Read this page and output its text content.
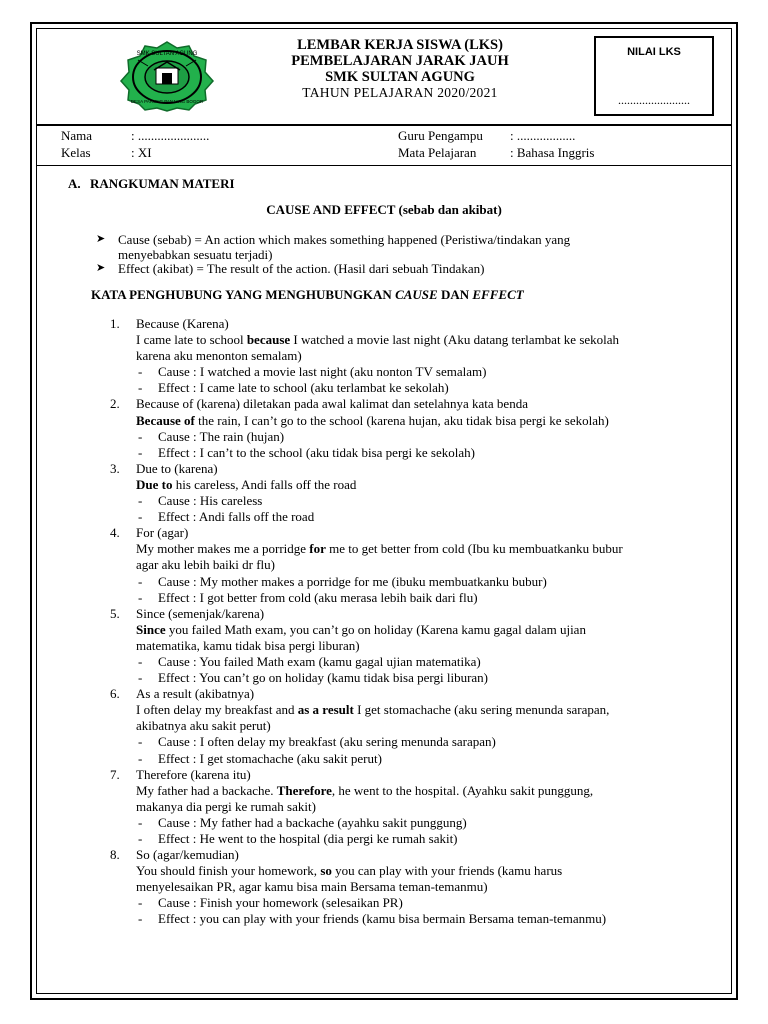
SMK SULTAN AGUNG
DESA PARUNG PANJANG BOGOR
LEMBAR KERJA SISWA (LKS)
PEMBELAJARAN JARAK JAUH
SMK SULTAN AGUNG
TAHUN PELAJARAN 2020/2021
NILAI LKS
........................
Nama	: ......................
Kelas	: XI
Guru Pengampu : ..................
Mata Pelajaran	: Bahasa Inggris
A. RANGKUMAN MATERI
CAUSE AND EFFECT (sebab dan akibat)
➤ Cause (sebab) = An action which makes something happened (Peristiwa/tindakan yang
menyebabkan sesuatu terjadi)
➤ Effect (akibat) = The result of the action. (Hasil dari sebuah Tindakan)
KATA PENGHUBUNG YANG MENGHUBUNGKAN CAUSE DAN EFFECT
1. Because (Karena)
I came late to school because I watched a movie last night (Aku datang terlambat ke sekolah
karena aku menonton semalam)
- Cause : I watched a movie last night (aku nonton TV semalam)
- Effect : I came late to school (aku terlambat ke sekolah)
2. Because of (karena) diletakan pada awal kalimat dan setelahnya kata benda
Because of the rain, I can’t go to the school (karena hujan, aku tidak bisa pergi ke sekolah)
- Cause : The rain (hujan)
- Effect : I can’t to the school (aku tidak bisa pergi ke sekolah)
3. Due to (karena)
Due to his careless, Andi falls off the road
- Cause : His careless
- Effect : Andi falls off the road
4. For (agar)
My mother makes me a porridge for me to get better from cold (Ibu ku membuatkanku bubur
agar aku lebih baiki dr flu)
- Cause : My mother makes a porridge for me (ibuku membuatkanku bubur)
- Effect : I got better from cold (aku merasa lebih baik dari flu)
5. Since (semenjak/karena)
Since you failed Math exam, you can’t go on holiday (Karena kamu gagal dalam ujian
matematika, kamu tidak bisa pergi liburan)
- Cause : You failed Math exam (kamu gagal ujian matematika)
- Effect : You can’t go on holiday (kamu tidak bisa pergi liburan)
6. As a result (akibatnya)
I often delay my breakfast and as a result I get stomachache (aku sering menunda sarapan,
akibatnya aku sakit perut)
- Cause : I often delay my breakfast (aku sering menunda sarapan)
- Effect : I get stomachache (aku sakit perut)
7. Therefore (karena itu)
My father had a backache. Therefore, he went to the hospital. (Ayahku sakit punggung,
makanya dia pergi ke rumah sakit)
- Cause : My father had a backache (ayahku sakit punggung)
- Effect : He went to the hospital (dia pergi ke rumah sakit)
8. So (agar/kemudian)
You should finish your homework, so you can play with your friends (kamu harus
menyelesaikan PR, agar kamu bisa main Bersama teman-temanmu)
- Cause : Finish your homework (selesaikan PR)
- Effect : you can play with your friends (kamu bisa bermain Bersama teman-temanmu)
